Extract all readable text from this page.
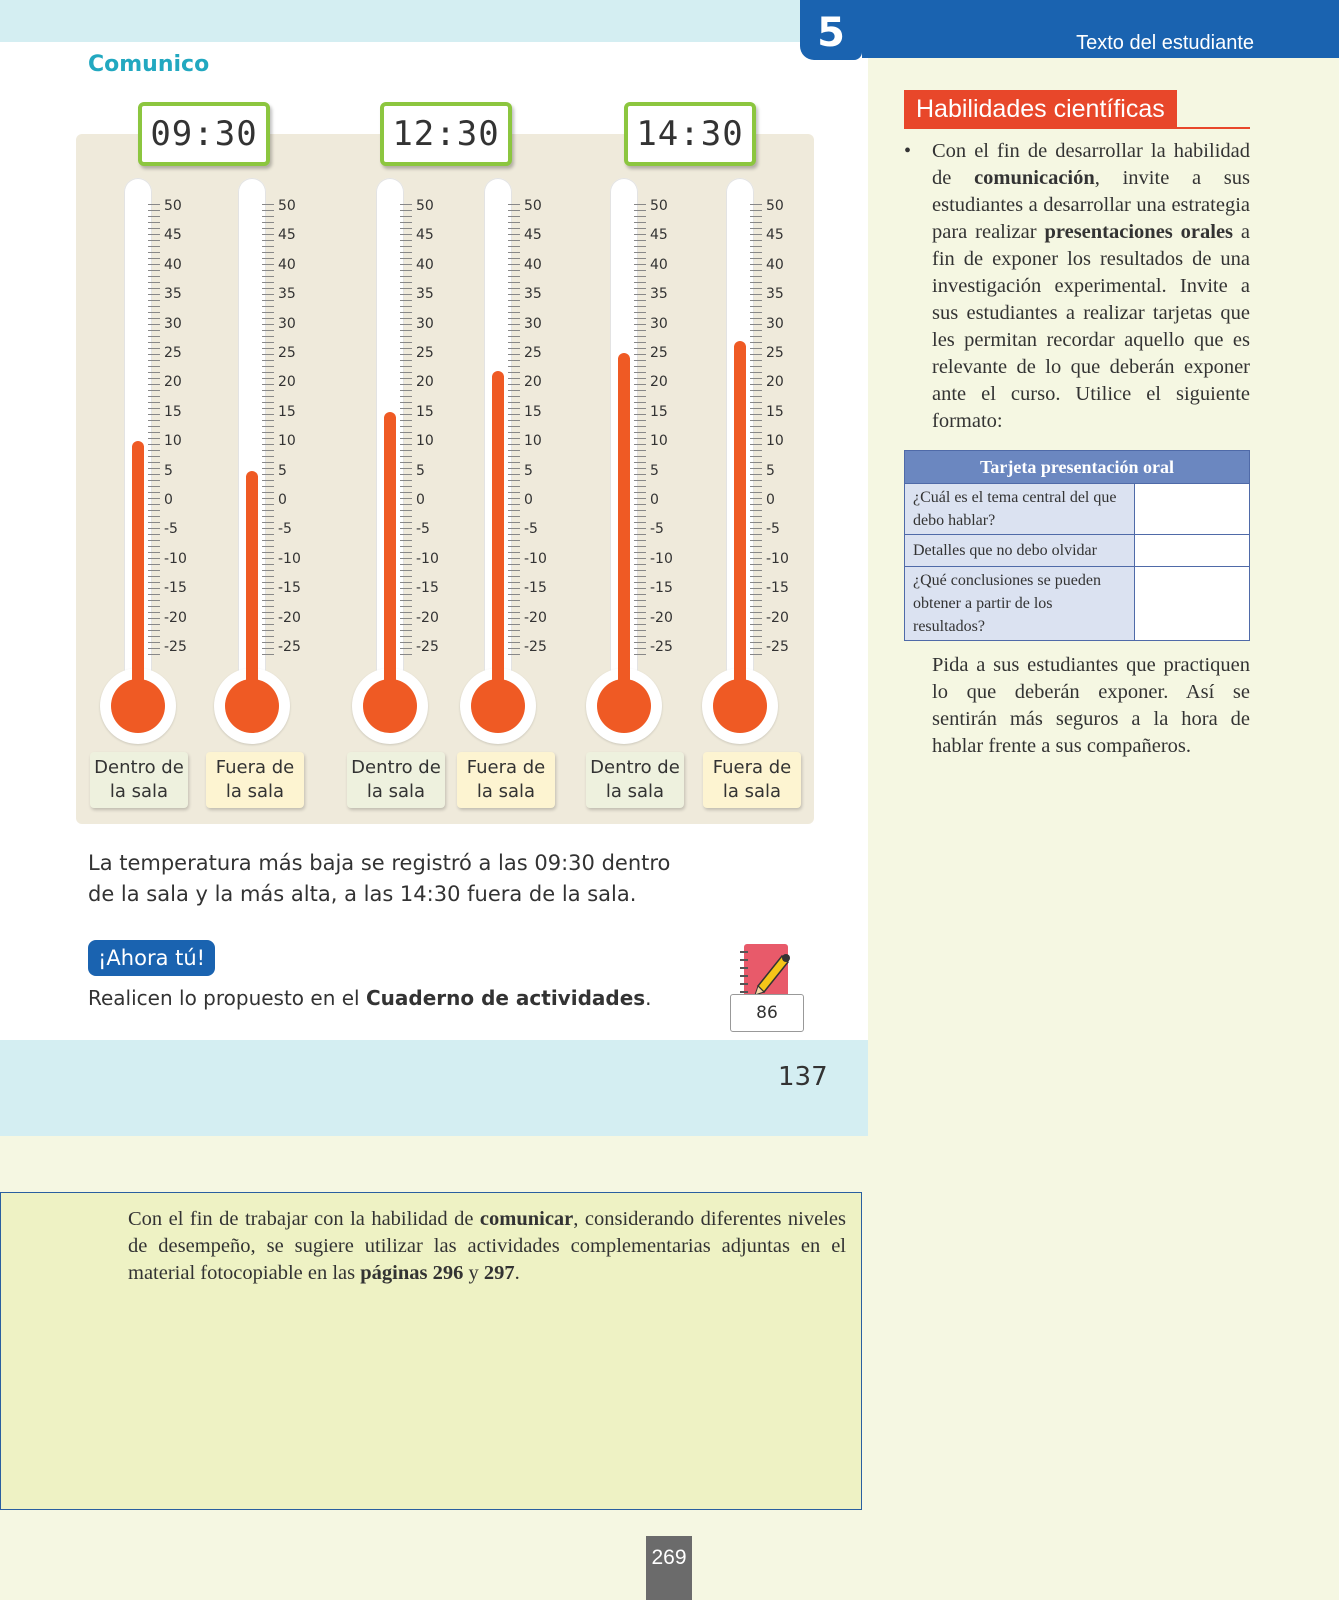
Comunico
09:30	12:30	14:30
50
45
40
35
30
25
20
15
10
5
0
-5
-10
-15
-20
-25
50
45
40
35
30
25
20
15
10
5
0
-5
-10
-15
-20
-25
50
45
40
35
30
25
20
15
10
5
0
-5
-10
-15
-20
-25
50
45
40
35
30
25
20
15
10
5
0
-5
-10
-15
-20
-25
50
45
40
35
30
25
20
15
10
5
0
-5
-10
-15
-20
-25
50
45
40
35
30
25
20
15
10
5
0
-5
-10
-15
-20
-25
Dentro de
la sala
Fuera de
la sala
Dentro de
la sala
Fuera de
la sala
Dentro de
la sala
Fuera de
la sala
La temperatura más baja se registró a las 09:30 dentro
de la sala y la más alta, a las 14:30 fuera de la sala.
¡Ahora tú!
Realicen lo propuesto en el Cuaderno de actividades.
86
137
5	Texto del estudiante
Habilidades científicas
• Con el fin de desarrollar la habilidad de comunicación, invite a sus estudiantes a desarrollar una estrategia para realizar presentaciones orales a fin de exponer los resultados de una investigación experimental. Invite a sus estudiantes a realizar tarjetas que les permitan recordar aquello que es relevante de lo que deberán exponer ante el curso. Utilice el siguiente formato:
Tarjeta presentación oral	
¿Cuál es el tema central del que debo hablar?	
Detalles que no debo olvidar	
¿Qué conclusiones se pueden obtener a partir de los resultados?	
Pida a sus estudiantes que practiquen lo que deberán exponer. Así se sentirán más seguros a la hora de hablar frente a sus compañeros.
Con el fin de trabajar con la habilidad de comunicar, considerando diferentes niveles de desempeño, se sugiere utilizar las actividades complementarias adjuntas en el material fotocopiable en las páginas 296 y 297.
269
